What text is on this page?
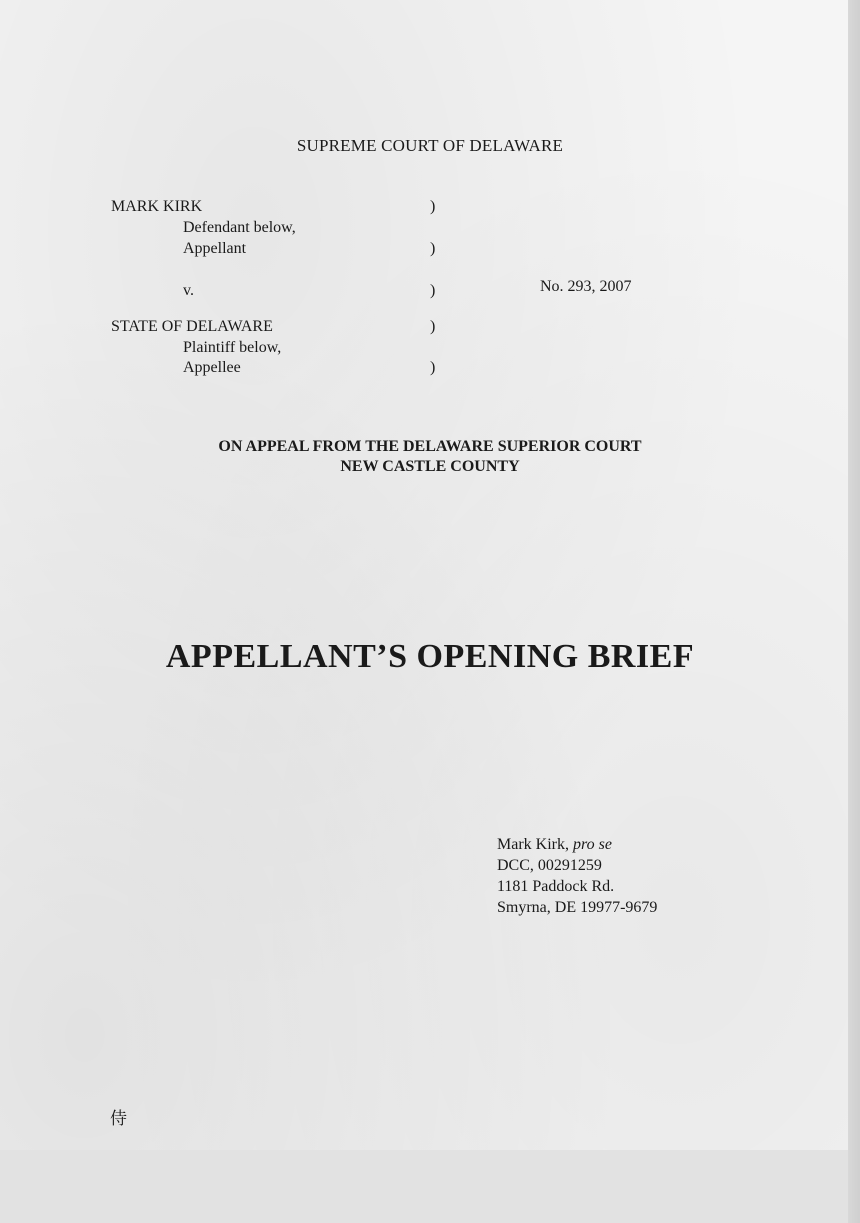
SUPREME COURT OF DELAWARE
MARK KIRK
Defendant below,
Appellant
v.
STATE OF DELAWARE
Plaintiff below,
Appellee
)
)
)
)
)
No. 293, 2007
ON APPEAL FROM THE DELAWARE SUPERIOR COURT
NEW CASTLE COUNTY
APPELLANT’S OPENING BRIEF
Mark Kirk, pro se
DCC, 00291259
1181 Paddock Rd.
Smyrna, DE 19977-9679
侍
